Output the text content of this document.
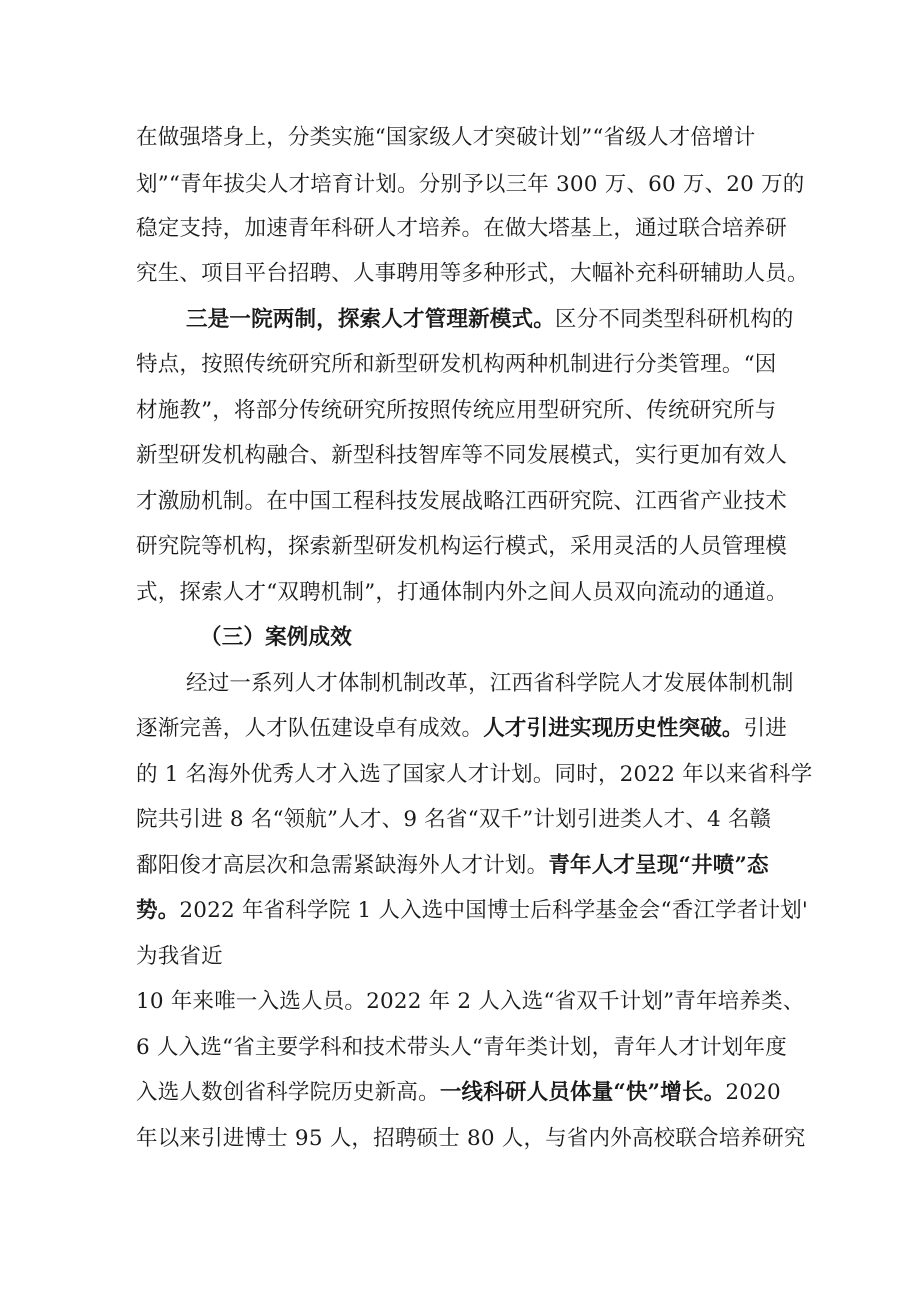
在做强塔身上，分类实施“国家级人才突破计划”“省级人才倍增计
划”“青年拔尖人才培育计划。分别予以三年 300 万、60 万、20 万的
稳定支持，加速青年科研人才培养。在做大塔基上，通过联合培养研
究生、项目平台招聘、人事聘用等多种形式，大幅补充科研辅助人员。
三是一院两制，探索人才管理新模式。区分不同类型科研机构的
特点，按照传统研究所和新型研发机构两种机制进行分类管理。“因
材施教”，将部分传统研究所按照传统应用型研究所、传统研究所与
新型研发机构融合、新型科技智库等不同发展模式，实行更加有效人
才激励机制。在中国工程科技发展战略江西研究院、江西省产业技术
研究院等机构，探索新型研发机构运行模式，采用灵活的人员管理模
式，探索人才“双聘机制”，打通体制内外之间人员双向流动的通道。
（三）案例成效
经过一系列人才体制机制改革，江西省科学院人才发展体制机制
逐渐完善，人才队伍建设卓有成效。人才引进实现历史性突破。引进
的 1 名海外优秀人才入选了国家人才计划。同时，2022 年以来省科学
院共引进 8 名“领航”人才、9 名省“双千”计划引进类人才、4 名赣
鄱阳俊才高层次和急需紧缺海外人才计划。青年人才呈现“井喷”态
势。2022 年省科学院 1 人入选中国博士后科学基金会“香江学者计划'
为我省近
10 年来唯一入选人员。2022 年 2 人入选“省双千计划”青年培养类、
6 人入选“省主要学科和技术带头人“青年类计划，青年人才计划年度
入选人数创省科学院历史新高。一线科研人员体量“快”增长。2020
年以来引进博士 95 人，招聘硕士 80 人，与省内外高校联合培养研究
